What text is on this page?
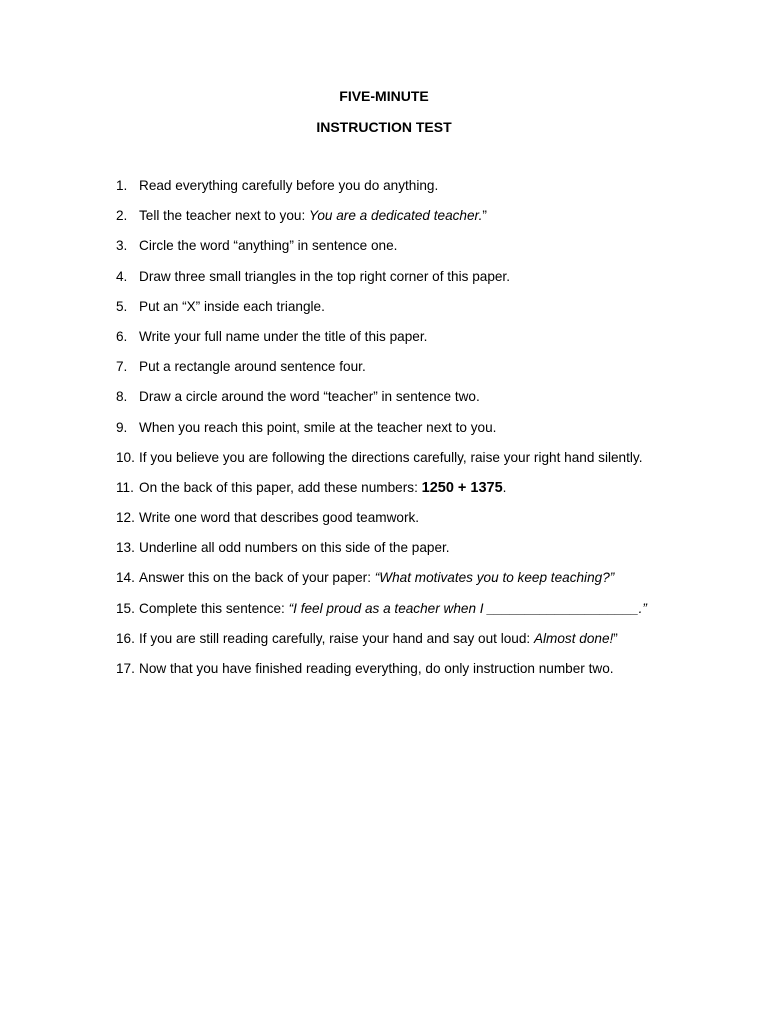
FIVE-MINUTE
INSTRUCTION TEST
1. Read everything carefully before you do anything.
2. Tell the teacher next to you: You are a dedicated teacher.”
3. Circle the word “anything” in sentence one.
4. Draw three small triangles in the top right corner of this paper.
5. Put an “X” inside each triangle.
6. Write your full name under the title of this paper.
7. Put a rectangle around sentence four.
8. Draw a circle around the word “teacher” in sentence two.
9. When you reach this point, smile at the teacher next to you.
10. If you believe you are following the directions carefully, raise your right hand silently.
11. On the back of this paper, add these numbers: 1250 + 1375.
12. Write one word that describes good teamwork.
13. Underline all odd numbers on this side of the paper.
14. Answer this on the back of your paper: “What motivates you to keep teaching?”
15. Complete this sentence: “I feel proud as a teacher when I ____________________.”
16. If you are still reading carefully, raise your hand and say out loud: Almost done!”
17. Now that you have finished reading everything, do only instruction number two.
